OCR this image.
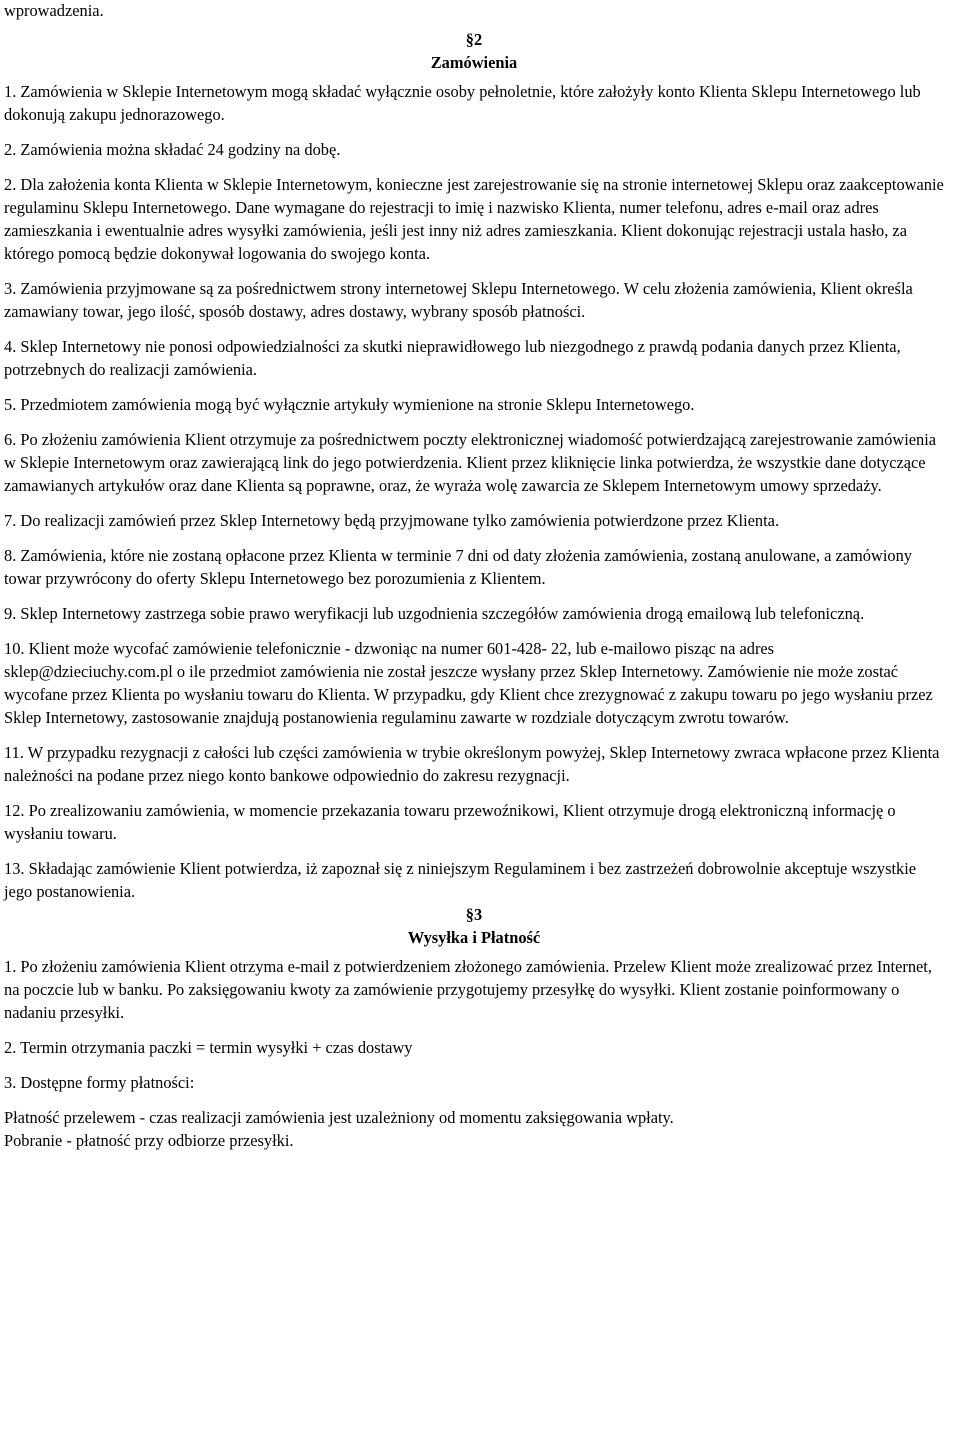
wprowadzenia.

§2
Zamówienia

1. Zamówienia w Sklepie Internetowym mogą składać wyłącznie osoby pełnoletnie, które założyły konto Klienta Sklepu Internetowego lub dokonują zakupu jednorazowego.

2. Zamówienia można składać 24 godziny na dobę.

2. Dla założenia konta Klienta w Sklepie Internetowym, konieczne jest zarejestrowanie się na stronie internetowej Sklepu oraz zaakceptowanie regulaminu Sklepu Internetowego. Dane wymagane do rejestracji to imię i nazwisko Klienta, numer telefonu, adres e-mail oraz adres zamieszkania i ewentualnie adres wysyłki zamówienia, jeśli jest inny niż adres zamieszkania. Klient dokonując rejestracji ustala hasło, za którego pomocą będzie dokonywał logowania do swojego konta.

3. Zamówienia przyjmowane są za pośrednictwem strony internetowej Sklepu Internetowego. W celu złożenia zamówienia, Klient określa zamawiany towar, jego ilość, sposób dostawy, adres dostawy, wybrany sposób płatności.

4. Sklep Internetowy nie ponosi odpowiedzialności za skutki nieprawidłowego lub niezgodnego z prawdą podania danych przez Klienta, potrzebnych do realizacji zamówienia.

5. Przedmiotem zamówienia mogą być wyłącznie artykuły wymienione na stronie Sklepu Internetowego.

6. Po złożeniu zamówienia Klient otrzymuje za pośrednictwem poczty elektronicznej wiadomość potwierdzającą zarejestrowanie zamówienia w Sklepie Internetowym oraz zawierającą link do jego potwierdzenia. Klient przez kliknięcie linka potwierdza, że wszystkie dane dotyczące zamawianych artykułów oraz dane Klienta są poprawne, oraz, że wyraża wolę zawarcia ze Sklepem Internetowym umowy sprzedaży.

7. Do realizacji zamówień przez Sklep Internetowy będą przyjmowane tylko zamówienia potwierdzone przez Klienta.

8. Zamówienia, które nie zostaną opłacone przez Klienta w terminie 7 dni od daty złożenia zamówienia, zostaną anulowane, a zamówiony towar przywrócony do oferty Sklepu Internetowego bez porozumienia z Klientem.

9. Sklep Internetowy zastrzega sobie prawo weryfikacji lub uzgodnienia szczegółów zamówienia drogą emailową lub telefoniczną.

10. Klient może wycofać zamówienie telefonicznie - dzwoniąc na numer 601-428- 22, lub e-mailowo pisząc na adres sklep@dzieciuchy.com.pl o ile przedmiot zamówienia nie został jeszcze wysłany przez Sklep Internetowy. Zamówienie nie może zostać wycofane przez Klienta po wysłaniu towaru do Klienta. W przypadku, gdy Klient chce zrezygnować z zakupu towaru po jego wysłaniu przez Sklep Internetowy, zastosowanie znajdują postanowienia regulaminu zawarte w rozdziale dotyczącym zwrotu towarów.

11. W przypadku rezygnacji z całości lub części zamówienia w trybie określonym powyżej, Sklep Internetowy zwraca wpłacone przez Klienta należności na podane przez niego konto bankowe odpowiednio do zakresu rezygnacji.

12. Po zrealizowaniu zamówienia, w momencie przekazania towaru przewoźnikowi, Klient otrzymuje drogą elektroniczną informację o wysłaniu towaru.

13. Składając zamówienie Klient potwierdza, iż zapoznał się z niniejszym Regulaminem i bez zastrzeżeń dobrowolnie akceptuje wszystkie jego postanowienia.

§3
Wysyłka i Płatność

1. Po złożeniu zamówienia Klient otrzyma e-mail z potwierdzeniem złożonego zamówienia. Przelew Klient może zrealizować przez Internet, na poczcie lub w banku. Po zaksięgowaniu kwoty za zamówienie przygotujemy przesyłkę do wysyłki. Klient zostanie poinformowany o nadaniu przesyłki.

2. Termin otrzymania paczki = termin wysyłki + czas dostawy

3. Dostępne formy płatności:

Płatność przelewem - czas realizacji zamówienia jest uzależniony od momentu zaksięgowania wpłaty.
Pobranie - płatność przy odbiorze przesyłki.
